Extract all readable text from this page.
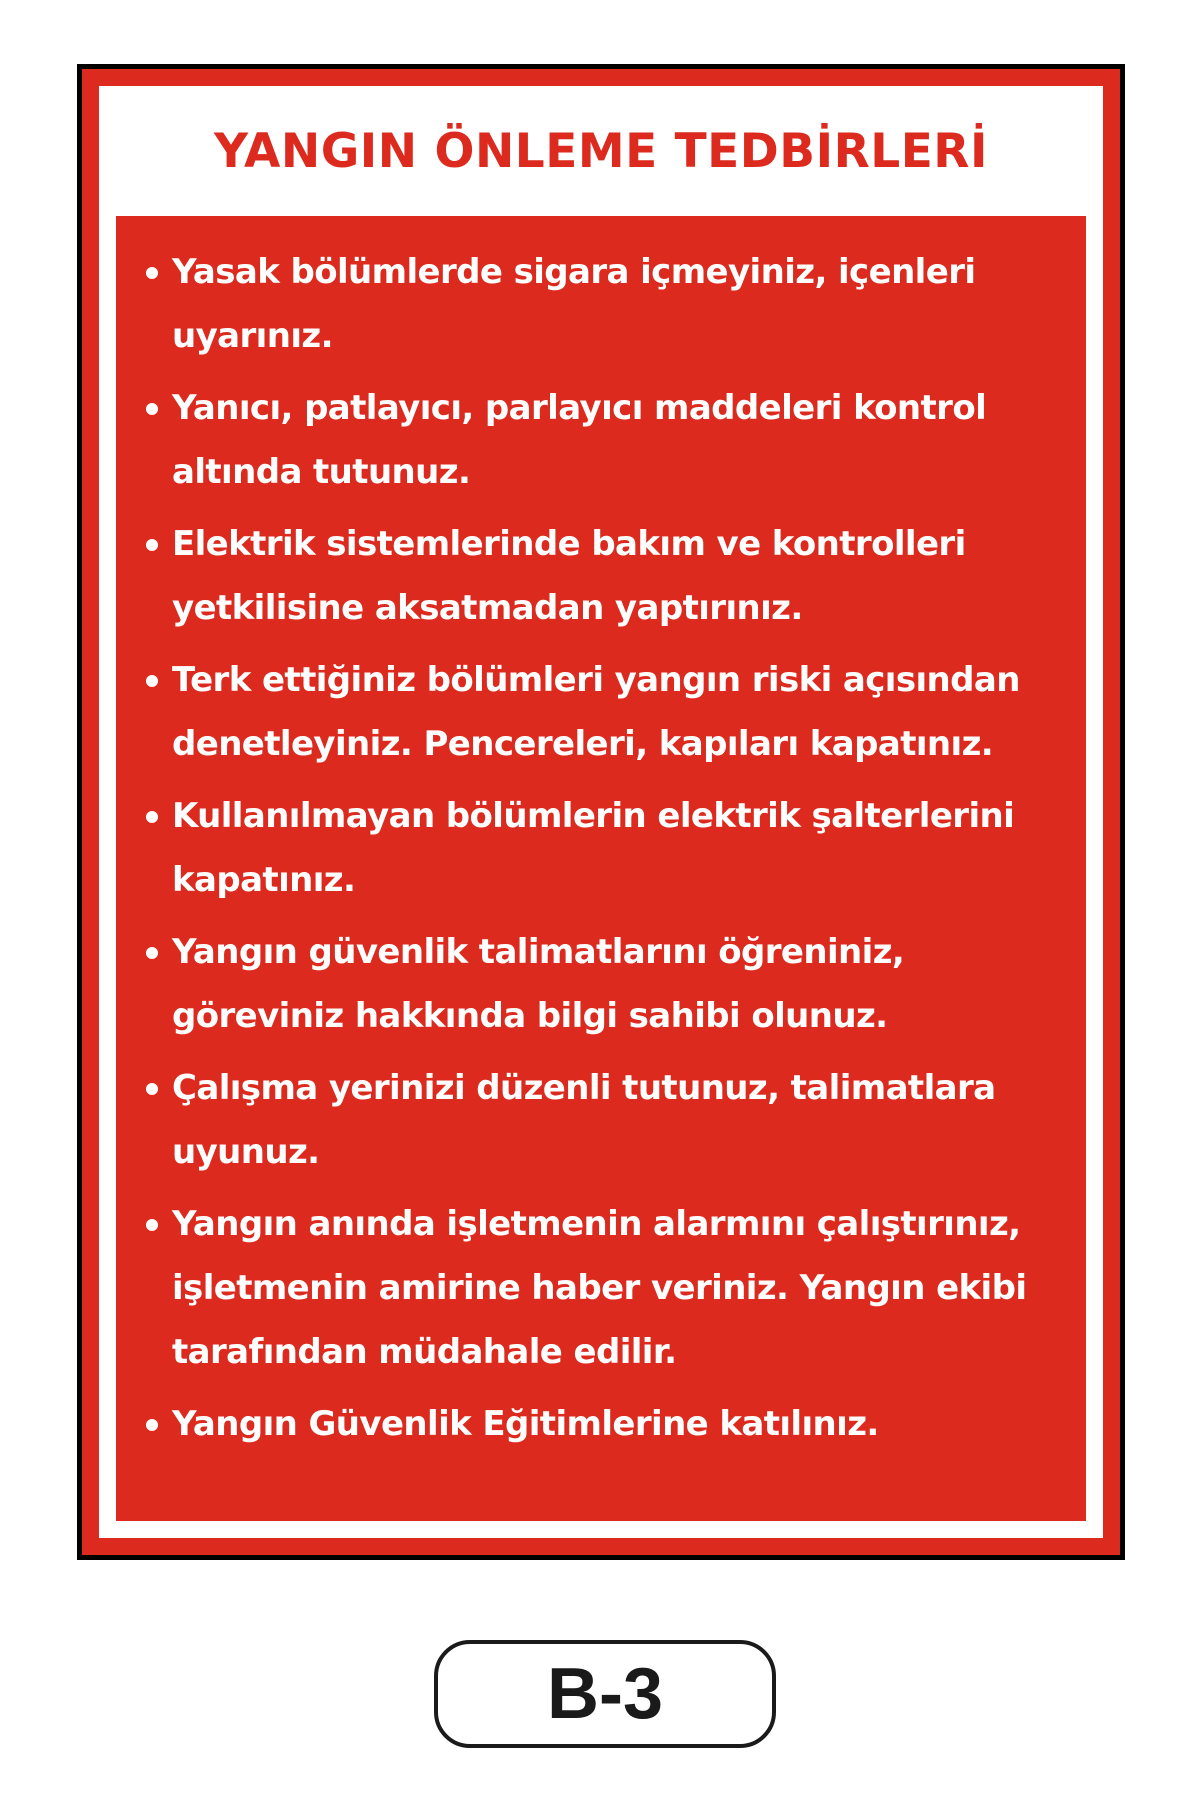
YANGIN ÖNLEME TEDBİRLERİ
Yasak bölümlerde sigara içmeyiniz, içenleri uyarınız.
Yanıcı, patlayıcı, parlayıcı maddeleri kontrol altında tutunuz.
Elektrik sistemlerinde bakım ve kontrolleri yetkilisine aksatmadan yaptırınız.
Terk ettiğiniz bölümleri yangın riski açısından denetleyiniz. Pencereleri, kapıları kapatınız.
Kullanılmayan bölümlerin elektrik şalterlerini kapatınız.
Yangın güvenlik talimatlarını öğreniniz, göreviniz hakkında bilgi sahibi olunuz.
Çalışma yerinizi düzenli tutunuz, talimatlara uyunuz.
Yangın anında işletmenin alarmını çalıştırınız, işletmenin amirine haber veriniz. Yangın ekibi tarafından müdahale edilir.
Yangın Güvenlik Eğitimlerine katılınız.
B-3
